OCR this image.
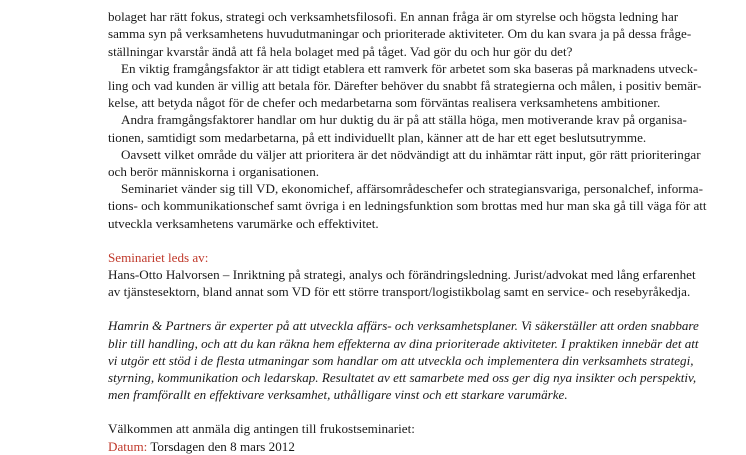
bolaget har rätt fokus, strategi och verksamhetsfilosofi. En annan fråga är om styrelse och högsta ledning har
samma syn på verksamhetens huvudutmaningar och prioriterade aktiviteter. Om du kan svara ja på dessa fråge-
ställningar kvarstår ändå att få hela bolaget med på tåget. Vad gör du och hur gör du det?

En viktig framgångsfaktor är att tidigt etablera ett ramverk för arbetet som ska baseras på marknadens utveck-
ling och vad kunden är villig att betala för. Därefter behöver du snabbt få strategierna och målen, i positiv bemär-
kelse, att betyda något för de chefer och medarbetarna som förväntas realisera verksamhetens ambitioner.

Andra framgångsfaktorer handlar om hur duktig du är på att ställa höga, men motiverande krav på organisa-
tionen, samtidigt som medarbetarna, på ett individuellt plan, känner att de har ett eget beslutsutrymme.

Oavsett vilket område du väljer att prioritera är det nödvändigt att du inhämtar rätt input, gör rätt prioriteringar
och berör människorna i organisationen.

Seminariet vänder sig till VD, ekonomichef, affärsområdeschefer och strategiansvariga, personalchef, informa-
tions- och kommunikationschef samt övriga i en ledningsfunktion som brottas med hur man ska gå till väga för att
utveckla verksamhetens varumärke och effektivitet.

Seminariet leds av:

Hans-Otto Halvorsen – Inriktning på strategi, analys och förändringsledning. Jurist/advokat med lång erfarenhet
av tjänstesektorn, bland annat som VD för ett större transport/logistikbolag samt en service- och resebyråkedja.

Hamrin & Partners är experter på att utveckla affärs- och verksamhetsplaner. Vi säkerställer att orden snabbare
blir till handling, och att du kan räkna hem effekterna av dina prioriterade aktiviteter. I praktiken innebär det att
vi utgör ett stöd i de flesta utmaningar som handlar om att utveckla och implementera din verksamhets strategi,
styrning, kommunikation och ledarskap. Resultatet av ett samarbete med oss ger dig nya insikter och perspektiv,
men framförallt en effektivare verksamhet, uthålligare vinst och ett starkare varumärke.

Välkommen att anmäla dig antingen till frukostseminariet:

Datum: Torsdagen den 8 mars 2012
